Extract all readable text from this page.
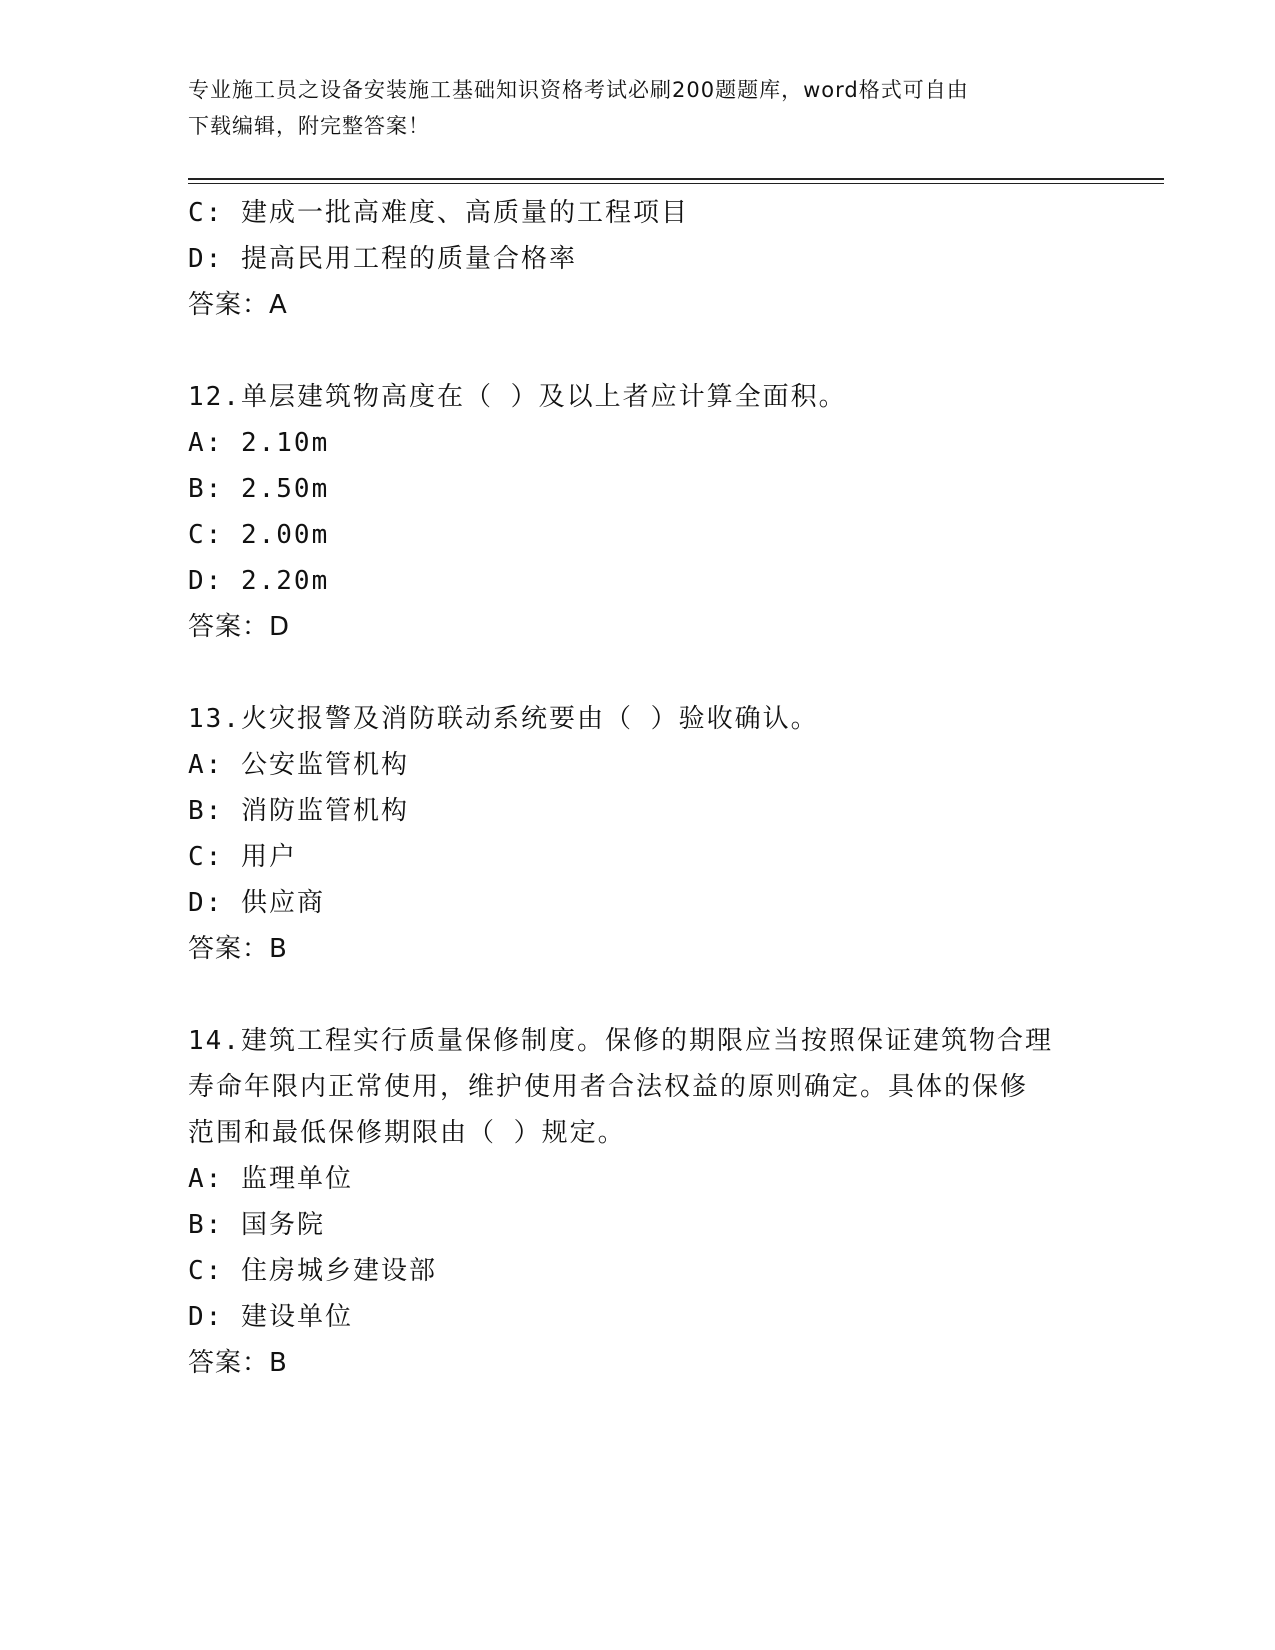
专业施工员之设备安装施工基础知识资格考试必刷200题题库，word格式可自由
下载编辑，附完整答案！
C: 建成一批高难度、高质量的工程项目
D: 提高民用工程的质量合格率
答案：A
12.单层建筑物高度在（ ）及以上者应计算全面积。
A: 2.10m
B: 2.50m
C: 2.00m
D: 2.20m
答案：D
13.火灾报警及消防联动系统要由（ ）验收确认。
A: 公安监管机构
B: 消防监管机构
C: 用户
D: 供应商
答案：B
14.建筑工程实行质量保修制度。保修的期限应当按照保证建筑物合理
寿命年限内正常使用，维护使用者合法权益的原则确定。具体的保修
范围和最低保修期限由（ ）规定。
A: 监理单位
B: 国务院
C: 住房城乡建设部
D: 建设单位
答案：B
